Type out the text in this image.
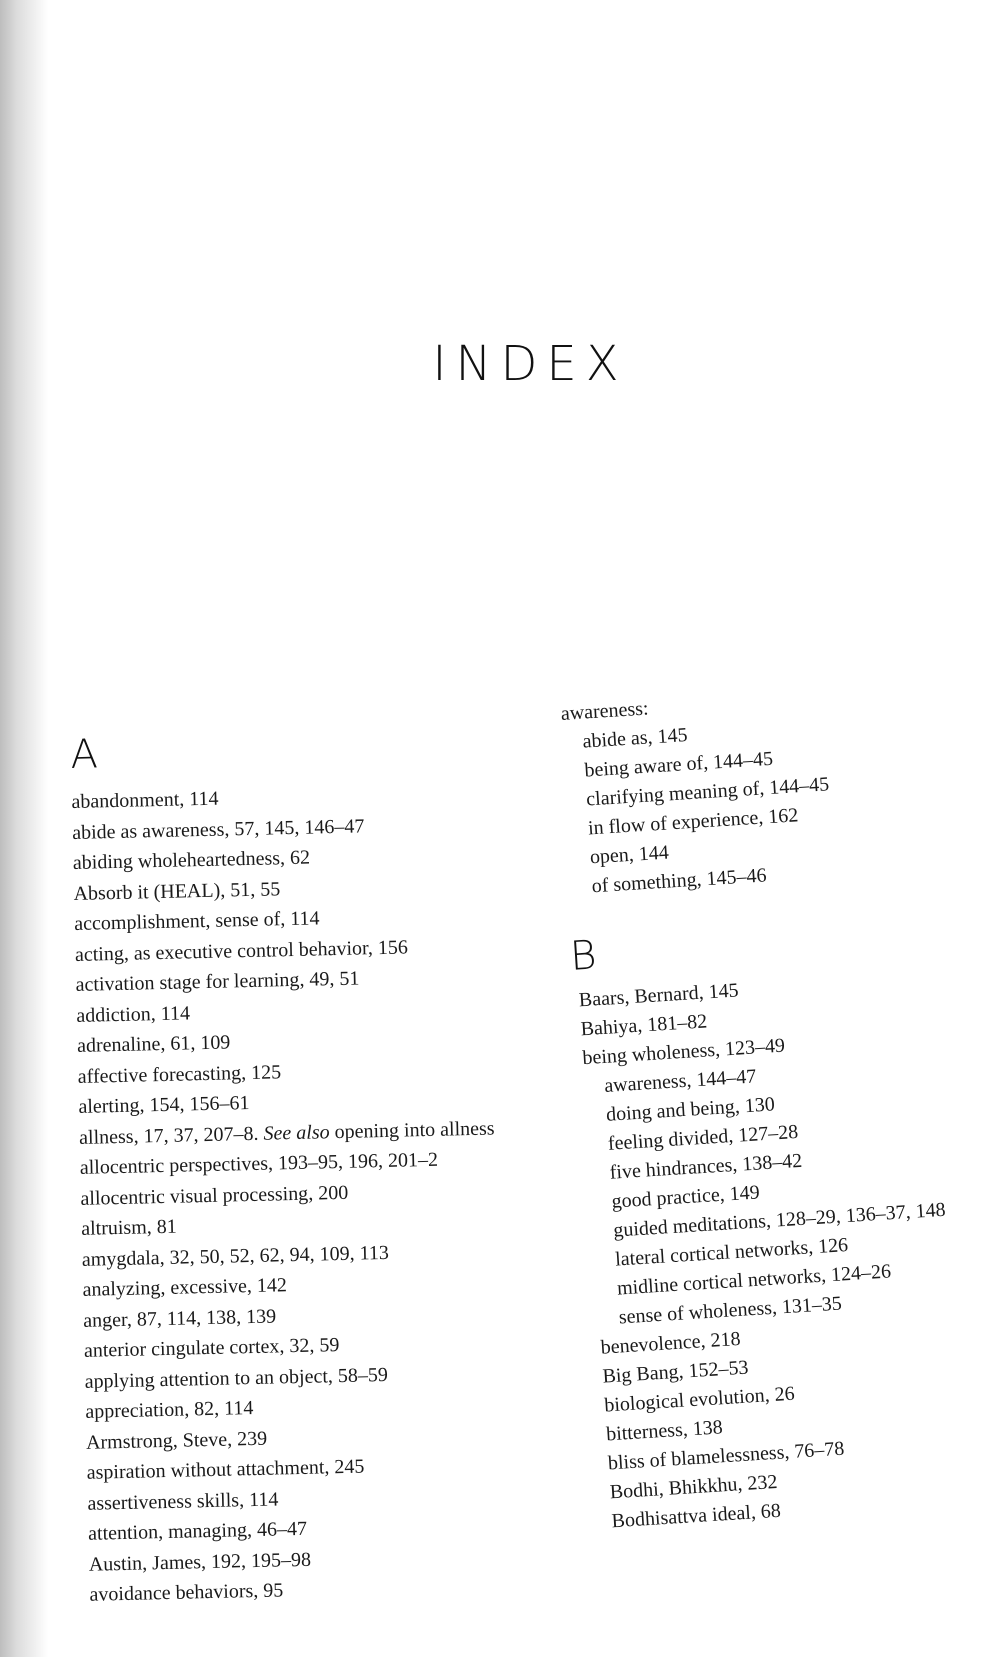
INDEX
A

abandonment , 114

abide as awareness , 57, 145, 146–47

abiding wholeheartedness , 62

Absorb it (HEAL) , 51, 55

accomplishment, sense of , 114

acting, as executive control behavior , 156

activation stage for learning , 49, 51

addiction , 114

adrenaline , 61, 109

affective forecasting , 125

alerting , 154, 156–61

allness , 17, 37, 207–8. See also opening into allness

allocentric perspectives , 193–95, 196, 201–2

allocentric visual processing , 200

altruism , 81

amygdala , 32, 50, 52, 62, 94, 109, 113

analyzing, excessive , 142

anger , 87, 114, 138, 139

anterior cingulate cortex , 32, 59

applying attention to an object , 58–59

appreciation , 82, 114

Armstrong, Steve , 239

aspiration without attachment , 245

assertiveness skills , 114

attention, managing , 46–47

Austin, James , 192, 195–98

avoidance behaviors , 95

awareness:

abide as , 145

being aware of , 144–45

clarifying meaning of , 144–45

in flow of experience , 162

open , 144

of something , 145–46

B

Baars, Bernard , 145

Bahiya , 181–82

being wholeness , 123–49

awareness , 144–47

doing and being , 130

feeling divided , 127–28

five hindrances , 138–42

good practice , 149

guided meditations , 128–29, 136–37, 148

lateral cortical networks , 126

midline cortical networks , 124–26

sense of wholeness , 131–35

benevolence , 218

Big Bang , 152–53

biological evolution , 26

bitterness , 138

bliss of blamelessness , 76–78

Bodhi, Bhikkhu , 232

Bodhisattva ideal , 68
